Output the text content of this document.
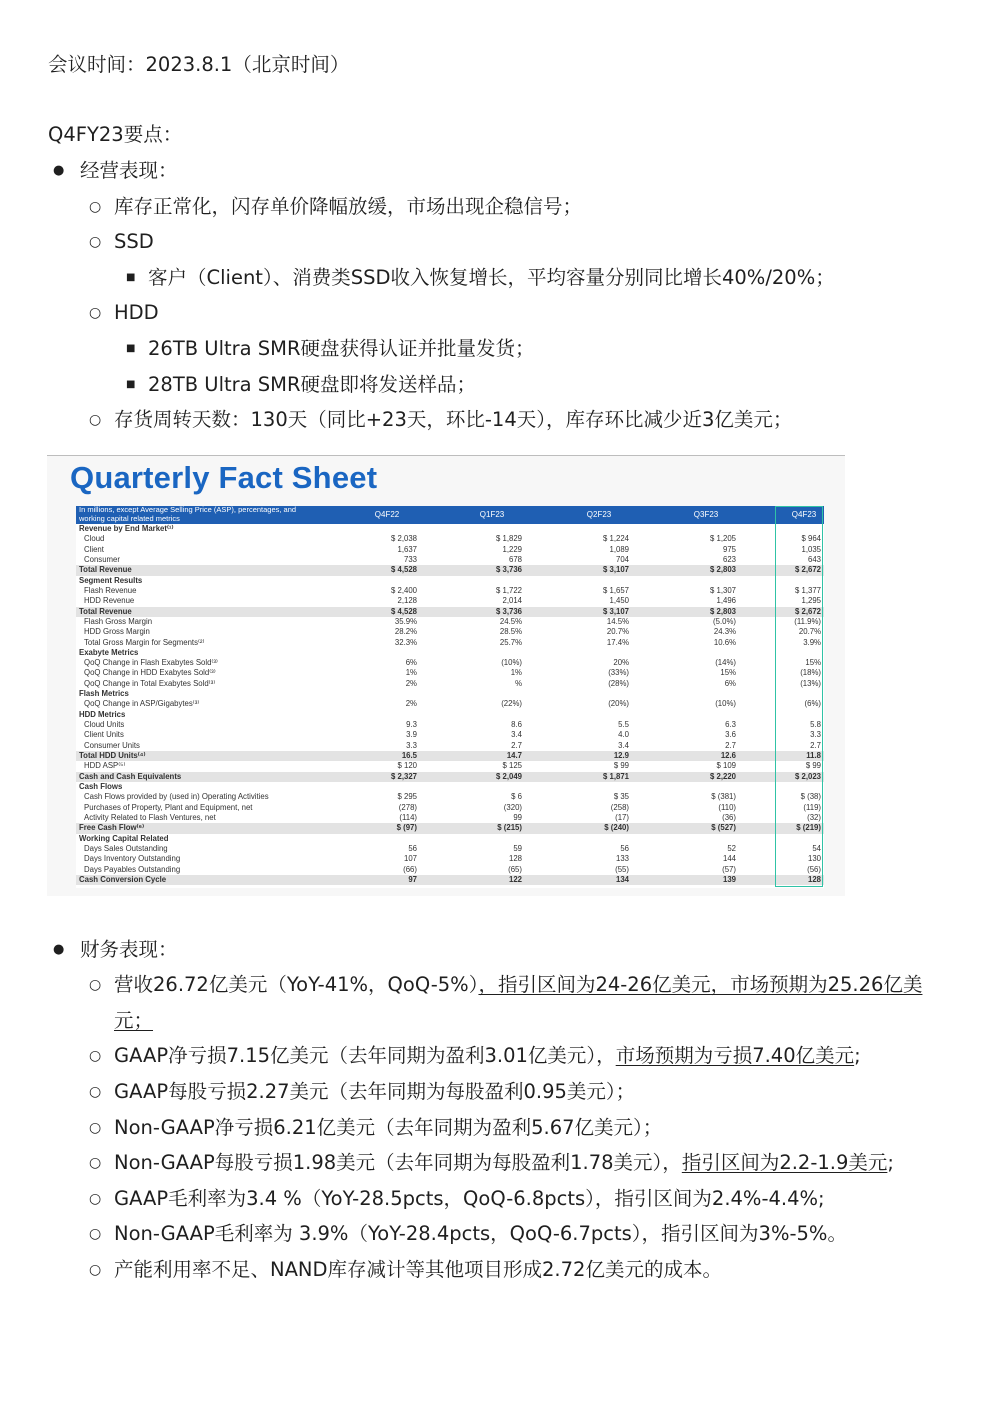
会议时间：2023.8.1（北京时间）
Q4FY23要点：
● 经营表现：
○ 库存正常化，闪存单价降幅放缓，市场出现企稳信号；
○ SSD
■ 客户（Client）、消费类SSD收入恢复增长，平均容量分别同比增长40%/20%；
○ HDD
■ 26TB Ultra SMR硬盘获得认证并批量发货；
■ 28TB Ultra SMR硬盘即将发送样品；
○ 存货周转天数：130天（同比+23天，环比-14天），库存环比减少近3亿美元；
Quarterly Fact Sheet
In millions, except Average Selling Price (ASP), percentages, and working capital related metrics	Q4F22	Q1F23	Q2F23	Q3F23	Q4F23
Revenue by End Market⁽¹⁾
Cloud	$ 2,038	$ 1,829	$ 1,224	$ 1,205	$ 964
Client	1,637	1,229	1,089	975	1,035
Consumer	733	678	704	623	643
Total Revenue	$ 4,528	$ 3,736	$ 3,107	$ 2,803	$ 2,672
Segment Results
Flash Revenue	$ 2,400	$ 1,722	$ 1,657	$ 1,307	$ 1,377
HDD Revenue	2,128	2,014	1,450	1,496	1,295
Total Revenue	$ 4,528	$ 3,736	$ 3,107	$ 2,803	$ 2,672
Flash Gross Margin	35.9%	24.5%	14.5%	(5.0%)	(11.9%)
HDD Gross Margin	28.2%	28.5%	20.7%	24.3%	20.7%
Total Gross Margin for Segments⁽²⁾	32.3%	25.7%	17.4%	10.6%	3.9%
Exabyte Metrics
QoQ Change in Flash Exabytes Sold⁽³⁾	6%	(10%)	20%	(14%)	15%
QoQ Change in HDD Exabytes Sold⁽³⁾	1%	1%	(33%)	15%	(18%)
QoQ Change in Total Exabytes Sold⁽³⁾	2%	%	(28%)	6%	(13%)
Flash Metrics
QoQ Change in ASP/Gigabytes⁽³⁾	2%	(22%)	(20%)	(10%)	(6%)
HDD Metrics
Cloud Units	9.3	8.6	5.5	6.3	5.8
Client Units	3.9	3.4	4.0	3.6	3.3
Consumer Units	3.3	2.7	3.4	2.7	2.7
Total HDD Units⁽⁴⁾	16.5	14.7	12.9	12.6	11.8
HDD ASP⁽⁵⁾	$ 120	$ 125	$ 99	$ 109	$ 99
Cash and Cash Equivalents	$ 2,327	$ 2,049	$ 1,871	$ 2,220	$ 2,023
Cash Flows
Cash Flows provided by (used in) Operating Activities	$ 295	$ 6	$ 35	$ (381)	$ (38)
Purchases of Property, Plant and Equipment, net	(278)	(320)	(258)	(110)	(119)
Activity Related to Flash Ventures, net	(114)	99	(17)	(36)	(32)
Free Cash Flow⁽⁶⁾	$ (97)	$ (215)	$ (240)	$ (527)	$ (219)
Working Capital Related
Days Sales Outstanding	56	59	56	52	54
Days Inventory Outstanding	107	128	133	144	130
Days Payables Outstanding	(66)	(65)	(55)	(57)	(56)
Cash Conversion Cycle	97	122	134	139	128
● 财务表现：
○ 营收26.72亿美元（YoY-41%，QoQ-5%），指引区间为24-26亿美元，市场预期为25.26亿美
元；
○ GAAP净亏损7.15亿美元（去年同期为盈利3.01亿美元），市场预期为亏损7.40亿美元;
○ GAAP每股亏损2.27美元（去年同期为每股盈利0.95美元）；
○ Non-GAAP净亏损6.21亿美元（去年同期为盈利5.67亿美元）；
○ Non-GAAP每股亏损1.98美元（去年同期为每股盈利1.78美元），指引区间为2.2-1.9美元;
○ GAAP毛利率为3.4 %（YoY-28.5pcts，QoQ-6.8pcts），指引区间为2.4%-4.4%;
○ Non-GAAP毛利率为 3.9%（YoY-28.4pcts，QoQ-6.7pcts），指引区间为3%-5%。
○ 产能利用率不足、NAND库存减计等其他项目形成2.72亿美元的成本。
